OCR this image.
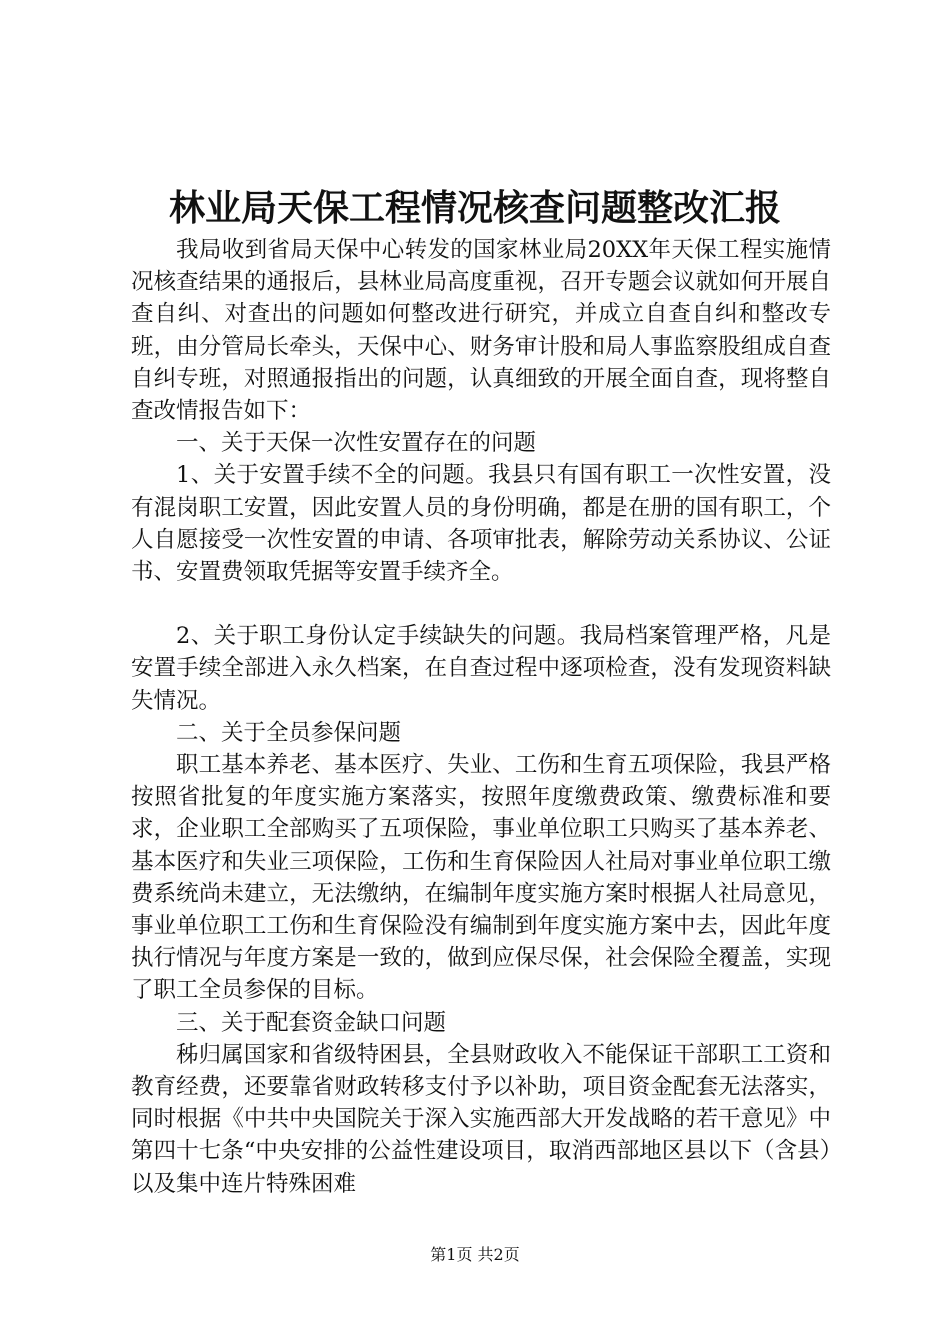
林业局天保工程情况核查问题整改汇报

我局收到省局天保中心转发的国家林业局20XX年天保工程实施情况核查结果的通报后，县林业局高度重视，召开专题会议就如何开展自查自纠、对查出的问题如何整改进行研究，并成立自查自纠和整改专班，由分管局长牵头，天保中心、财务审计股和局人事监察股组成自查自纠专班，对照通报指出的问题，认真细致的开展全面自查，现将整自查改情报告如下：

一、关于天保一次性安置存在的问题

1、关于安置手续不全的问题。我县只有国有职工一次性安置，没有混岗职工安置，因此安置人员的身份明确，都是在册的国有职工，个人自愿接受一次性安置的申请、各项审批表，解除劳动关系协议、公证书、安置费领取凭据等安置手续齐全。

2、关于职工身份认定手续缺失的问题。我局档案管理严格，凡是安置手续全部进入永久档案，在自查过程中逐项检查，没有发现资料缺失情况。

二、关于全员参保问题

职工基本养老、基本医疗、失业、工伤和生育五项保险，我县严格按照省批复的年度实施方案落实，按照年度缴费政策、缴费标准和要求，企业职工全部购买了五项保险，事业单位职工只购买了基本养老、基本医疗和失业三项保险，工伤和生育保险因人社局对事业单位职工缴费系统尚未建立，无法缴纳，在编制年度实施方案时根据人社局意见，事业单位职工工伤和生育保险没有编制到年度实施方案中去，因此年度执行情况与年度方案是一致的，做到应保尽保，社会保险全覆盖，实现了职工全员参保的目标。

三、关于配套资金缺口问题

秭归属国家和省级特困县，全县财政收入不能保证干部职工工资和教育经费，还要靠省财政转移支付予以补助，项目资金配套无法落实，同时根据《中共中央国院关于深入实施西部大开发战略的若干意见》中第四十七条“中央安排的公益性建设项目，取消西部地区县以下（含县）以及集中连片特殊困难

第1页 共2页
